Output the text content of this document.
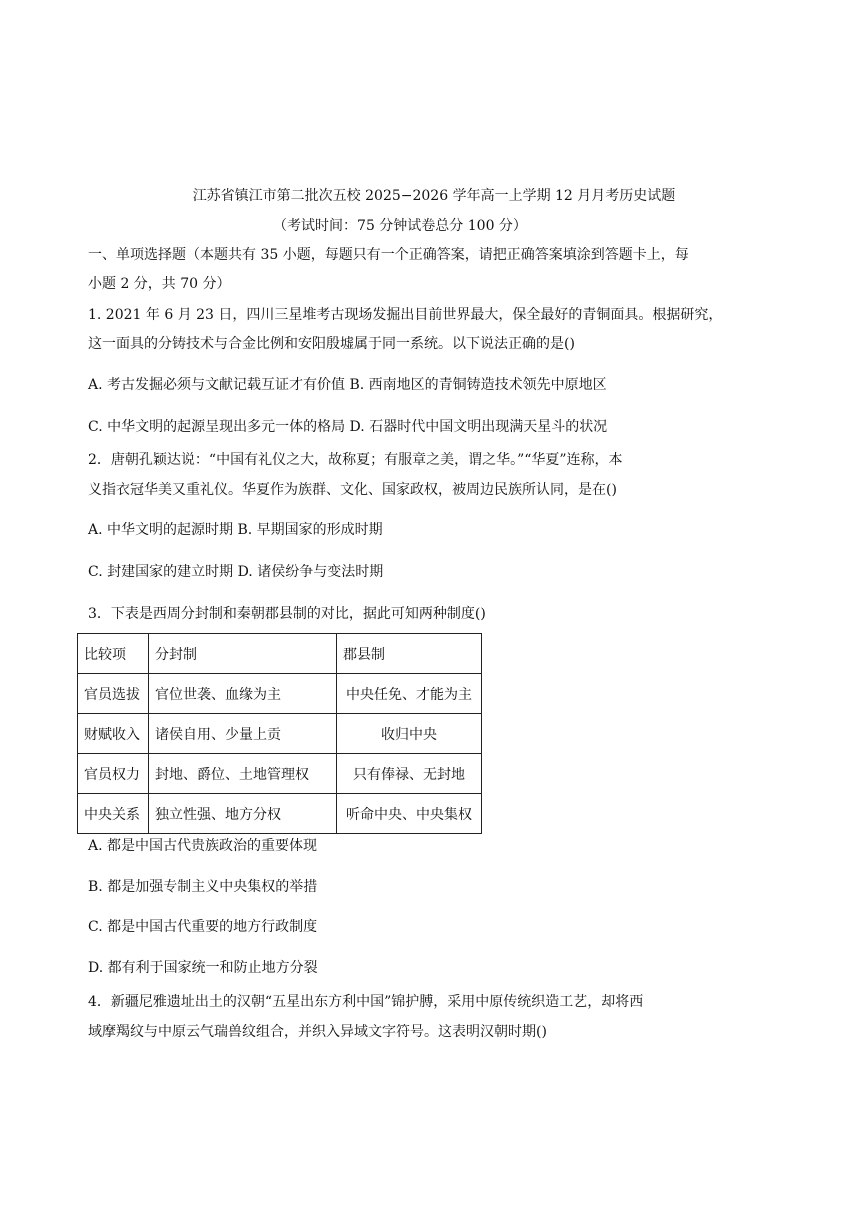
江苏省镇江市第二批次五校 2025−2026 学年高一上学期 12 月月考历史试题
（考试时间：75 分钟试卷总分 100 分）
一、单项选择题（本题共有 35 小题，每题只有一个正确答案，请把正确答案填涂到答题卡上，每
小题 2 分，共 70 分）
1. 2021 年 6 月 23 日，四川三星堆考古现场发掘出目前世界最大，保全最好的青铜面具。根据研究，
这一面具的分铸技术与合金比例和安阳殷墟属于同一系统。以下说法正确的是()
A. 考古发掘必须与文献记载互证才有价值 B. 西南地区的青铜铸造技术领先中原地区
C. 中华文明的起源呈现出多元一体的格局 D. 石器时代中国文明出现满天星斗的状况
2．唐朝孔颖达说：“中国有礼仪之大，故称夏；有服章之美，谓之华。”“华夏”连称，本
义指衣冠华美又重礼仪。华夏作为族群、文化、国家政权，被周边民族所认同，是在()
A. 中华文明的起源时期 B. 早期国家的形成时期
C. 封建国家的建立时期 D. 诸侯纷争与变法时期
3．下表是西周分封制和秦朝郡县制的对比，据此可知两种制度()
比较项	分封制	郡县制
官员选拔	官位世袭、血缘为主	中央任免、才能为主
财赋收入	诸侯自用、少量上贡	收归中央
官员权力	封地、爵位、土地管理权	只有俸禄、无封地
中央关系	独立性强、地方分权	听命中央、中央集权
A. 都是中国古代贵族政治的重要体现
B. 都是加强专制主义中央集权的举措
C. 都是中国古代重要的地方行政制度
D. 都有利于国家统一和防止地方分裂
4．新疆尼雅遗址出土的汉朝“五星出东方利中国”锦护膊，采用中原传统织造工艺，却将西
域摩羯纹与中原云气瑞兽纹组合，并织入异域文字符号。这表明汉朝时期()
